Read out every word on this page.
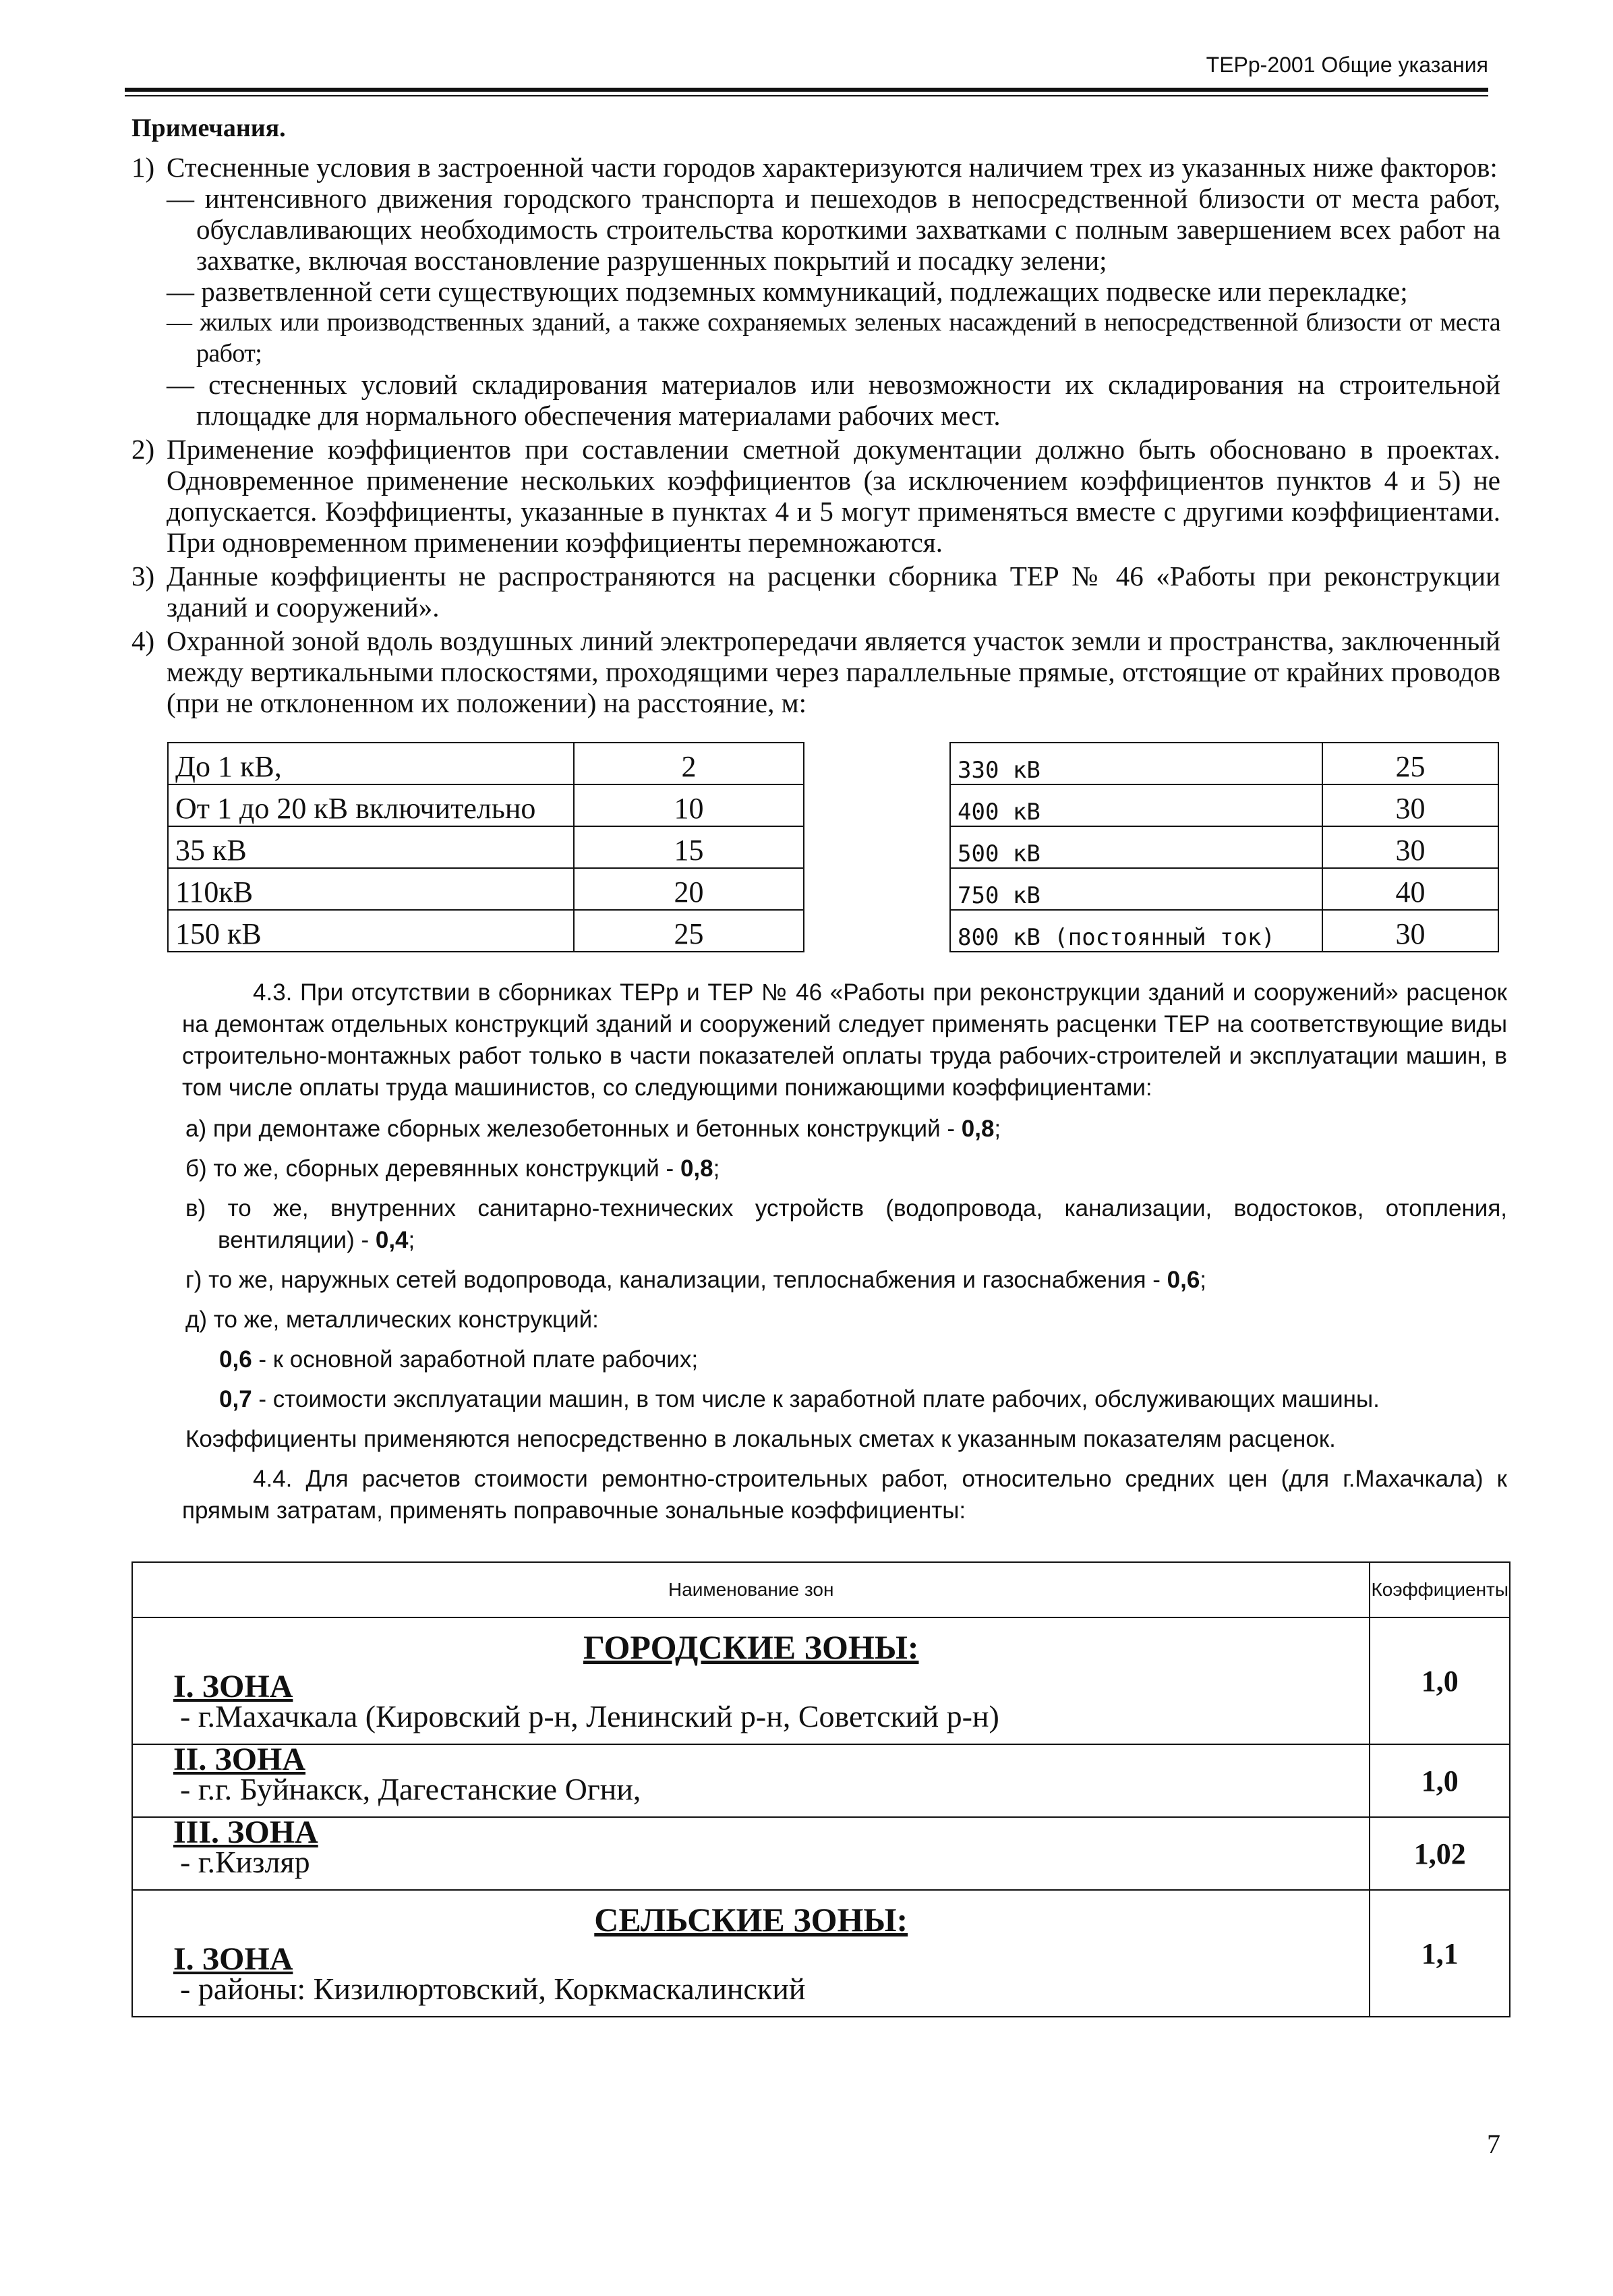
ТЕРр-2001 Общие указания
Примечания.
1) Стесненные условия в застроенной части городов характеризуются наличием трех из указанных ниже факторов:
— интенсивного движения городского транспорта и пешеходов в непосредственной близости от места работ, обуславливающих необходимость строительства короткими захватками с полным завершением всех работ на захватке, включая восстановление разрушенных покрытий и посадку зелени;
— разветвленной сети существующих подземных коммуникаций, подлежащих подвеске или перекладке;
— жилых или производственных зданий, а также сохраняемых зеленых насаждений в непосредственной близости от места работ;
— стесненных условий складирования материалов или невозможности их складирования на строительной площадке для нормального обеспечения материалами рабочих мест.
2) Применение коэффициентов при составлении сметной документации должно быть обосновано в проектах. Одновременное применение нескольких коэффициентов (за исключением коэффициентов пунктов 4 и 5) не допускается. Коэффициенты, указанные в пунктах 4 и 5 могут применяться вместе с другими коэффициентами. При одновременном применении коэффициенты перемножаются.
3) Данные коэффициенты не распространяются на расценки сборника ТЕР № 46 «Работы при реконструкции зданий и сооружений».
4) Охранной зоной вдоль воздушных линий электропередачи является участок земли и пространства, заключенный между вертикальными плоскостями, проходящими через параллельные прямые, отстоящие от крайних проводов (при не отклоненном их положении) на расстояние, м:
До 1 кВ,	2
От 1 до 20 кВ включительно	10
35 кВ	15
110кВ	20
150 кВ	25
330 кВ	25
400 кВ	30
500 кВ	30
750 кВ	40
800 кВ (постоянный ток)	30
4.3. При отсутствии в сборниках ТЕРр и ТЕР № 46 «Работы при реконструкции зданий и сооружений» расценок на демонтаж отдельных конструкций зданий и сооружений следует применять расценки ТЕР на соответствующие виды строительно-монтажных работ только в части показателей оплаты труда рабочих-строителей и эксплуатации машин, в том числе оплаты труда машинистов, со следующими понижающими коэффициентами:
а) при демонтаже сборных железобетонных и бетонных конструкций - 0,8;
б) то же, сборных деревянных конструкций - 0,8;
в) то же, внутренних санитарно-технических устройств (водопровода, канализации, водостоков, отопления, вентиляции) - 0,4;
г) то же, наружных сетей водопровода, канализации, теплоснабжения и газоснабжения - 0,6;
д) то же, металлических конструкций:
0,6 - к основной заработной плате рабочих;
0,7 - стоимости эксплуатации машин, в том числе к заработной плате рабочих, обслуживающих машины.
Коэффициенты применяются непосредственно в локальных сметах к указанным показателям расценок.
4.4. Для расчетов стоимости ремонтно-строительных работ, относительно средних цен (для г.Махачкала) к прямым затратам, применять поправочные зональные коэффициенты:
Наименование зон	Коэффициенты

ГОРОДСКИЕ ЗОНЫ:
I. ЗОНА
- г.Махачкала (Кировский р-н, Ленинский р-н, Советский р-н)	1,0

II. ЗОНА
- г.г. Буйнакск, Дагестанские Огни,	1,0

III. ЗОНА
- г.Кизляр	1,02

СЕЛЬСКИЕ ЗОНЫ:
I. ЗОНА
- районы: Кизилюртовский, Коркмаскалинский	1,1
7
